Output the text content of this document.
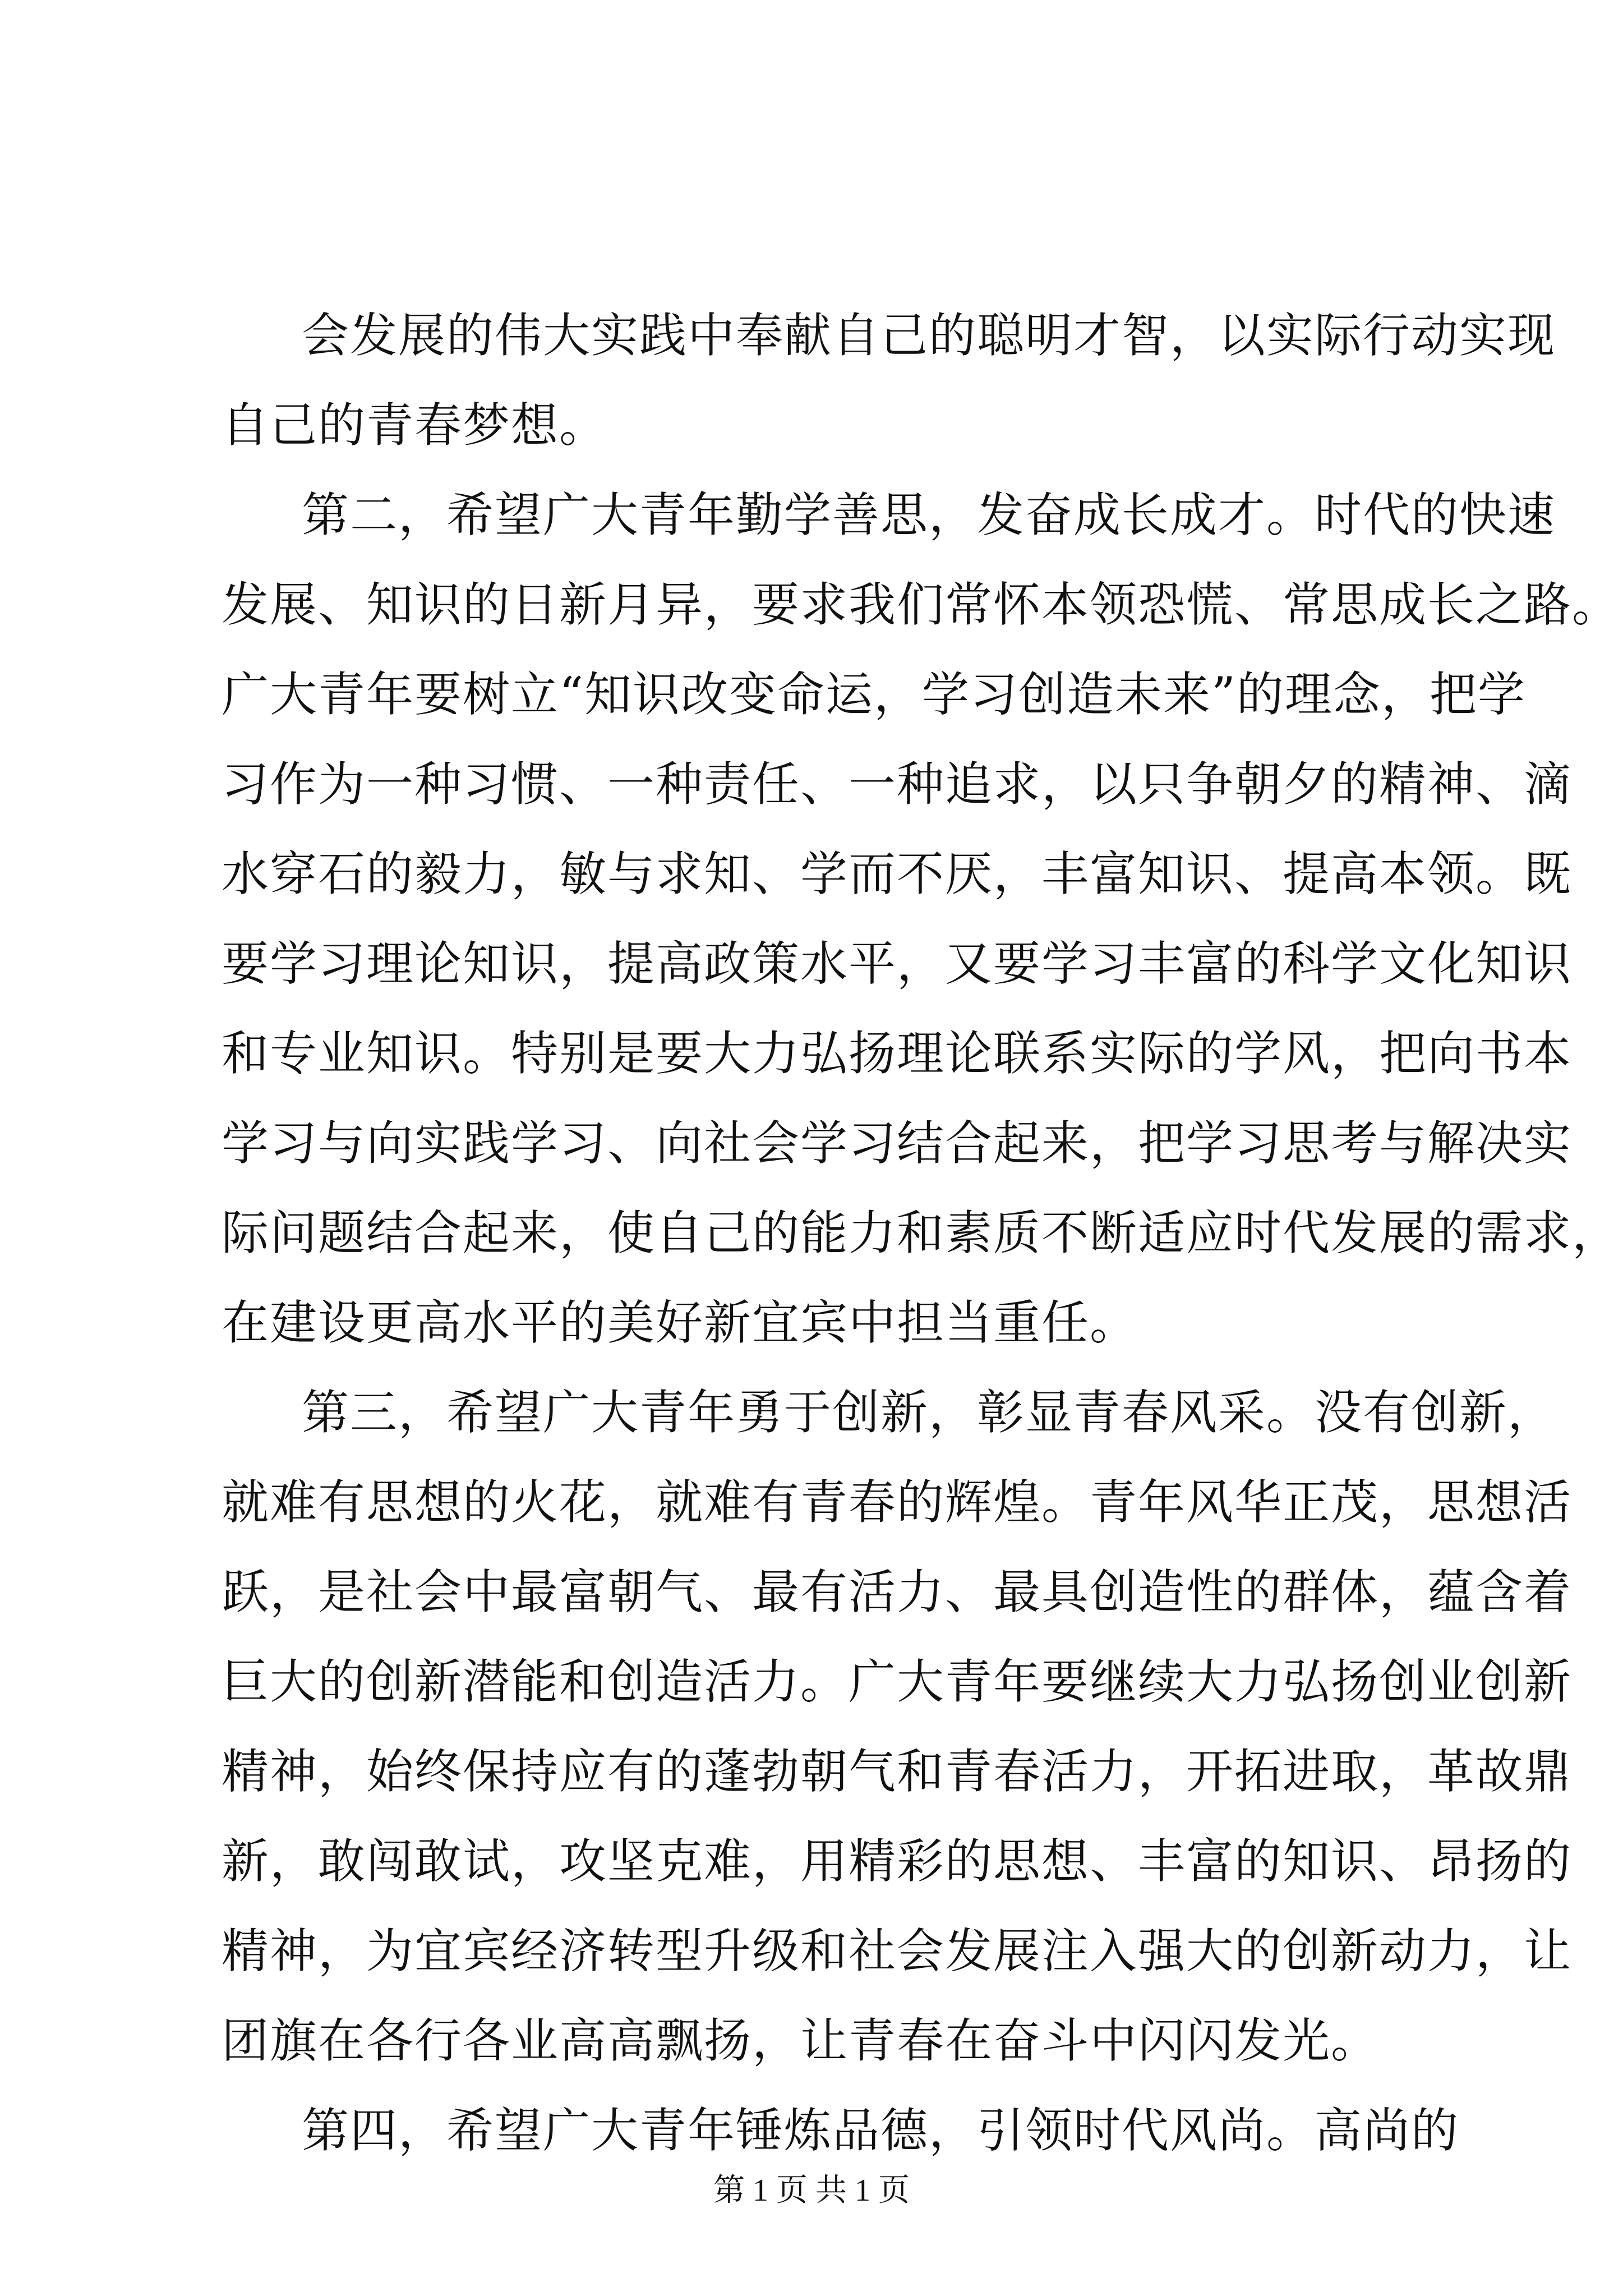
会发展的伟大实践中奉献自己的聪明才智，以实际行动实现
自己的青春梦想。
第二，希望广大青年勤学善思，发奋成长成才。时代的快速
发展、知识的日新月异，要求我们常怀本领恐慌、常思成长之路。
广大青年要树立“知识改变命运，学习创造未来”的理念，把学
习作为一种习惯、一种责任、一种追求，以只争朝夕的精神、滴
水穿石的毅力，敏与求知、学而不厌，丰富知识、提高本领。既
要学习理论知识，提高政策水平，又要学习丰富的科学文化知识
和专业知识。特别是要大力弘扬理论联系实际的学风，把向书本
学习与向实践学习、向社会学习结合起来，把学习思考与解决实
际问题结合起来，使自己的能力和素质不断适应时代发展的需求，
在建设更高水平的美好新宜宾中担当重任。
第三，希望广大青年勇于创新，彰显青春风采。没有创新，
就难有思想的火花，就难有青春的辉煌。青年风华正茂，思想活
跃，是社会中最富朝气、最有活力、最具创造性的群体，蕴含着
巨大的创新潜能和创造活力。广大青年要继续大力弘扬创业创新
精神，始终保持应有的蓬勃朝气和青春活力，开拓进取，革故鼎
新，敢闯敢试，攻坚克难，用精彩的思想、丰富的知识、昂扬的
精神，为宜宾经济转型升级和社会发展注入强大的创新动力，让
团旗在各行各业高高飘扬，让青春在奋斗中闪闪发光。
第四，希望广大青年锤炼品德，引领时代风尚。高尚的
第 1 页 共 1 页
